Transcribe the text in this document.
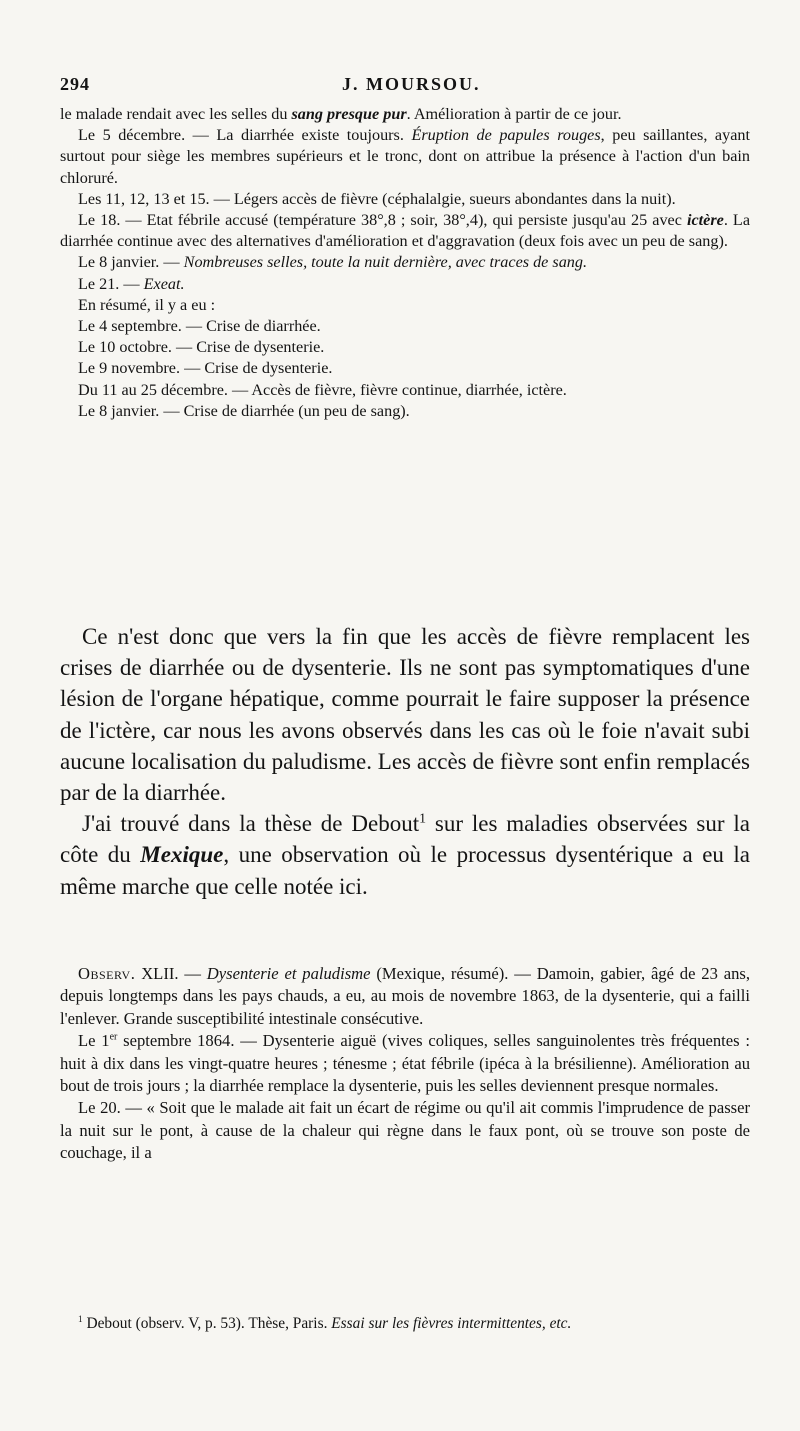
294	J. MOURSOU.

le malade rendait avec les selles du sang presque pur. Amélioration à partir de ce jour.

Le 5 décembre. — La diarrhée existe toujours. Éruption de papules rouges, peu saillantes, ayant surtout pour siège les membres supérieurs et le tronc, dont on attribue la présence à l'action d'un bain chloruré.

Les 11, 12, 13 et 15. — Légers accès de fièvre (céphalalgie, sueurs abondantes dans la nuit).

Le 18. — Etat fébrile accusé (température 38°,8 ; soir, 38°,4), qui persiste jusqu'au 25 avec ictère. La diarrhée continue avec des alternatives d'amélioration et d'aggravation (deux fois avec un peu de sang).

Le 8 janvier. — Nombreuses selles, toute la nuit dernière, avec traces de sang.

Le 21. — Exeat.

En résumé, il y a eu :

Le 4 septembre. — Crise de diarrhée.

Le 10 octobre. — Crise de dysenterie.

Le 9 novembre. — Crise de dysenterie.

Du 11 au 25 décembre. — Accès de fièvre, fièvre continue, diarrhée, ictère.

Le 8 janvier. — Crise de diarrhée (un peu de sang).

Ce n'est donc que vers la fin que les accès de fièvre remplacent les crises de diarrhée ou de dysenterie. Ils ne sont pas symptomatiques d'une lésion de l'organe hépatique, comme pourrait le faire supposer la présence de l'ictère, car nous les avons observés dans les cas où le foie n'avait subi aucune localisation du paludisme. Les accès de fièvre sont enfin remplacés par de la diarrhée.

J'ai trouvé dans la thèse de Debout$^1$ sur les maladies observées sur la côte du Mexique, une observation où le processus dysentérique a eu la même marche que celle notée ici.

Observ. XLII. — Dysenterie et paludisme (Mexique, résumé). — Damoin, gabier, âgé de 23 ans, depuis longtemps dans les pays chauds, a eu, au mois de novembre 1863, de la dysenterie, qui a failli l'enlever. Grande susceptibilité intestinale consécutive.

Le 1er septembre 1864. — Dysenterie aiguë (vives coliques, selles sanguinolentes très fréquentes : huit à dix dans les vingt-quatre heures ; ténesme ; état fébrile (ipéca à la brésilienne). Amélioration au bout de trois jours ; la diarrhée remplace la dysenterie, puis les selles deviennent presque normales.

Le 20. — « Soit que le malade ait fait un écart de régime ou qu'il ait commis l'imprudence de passer la nuit sur le pont, à cause de la chaleur qui règne dans le faux pont, où se trouve son poste de couchage, il a

$^1$ Debout (observ. V, p. 53). Thèse, Paris. Essai sur les fièvres intermittentes, etc.
